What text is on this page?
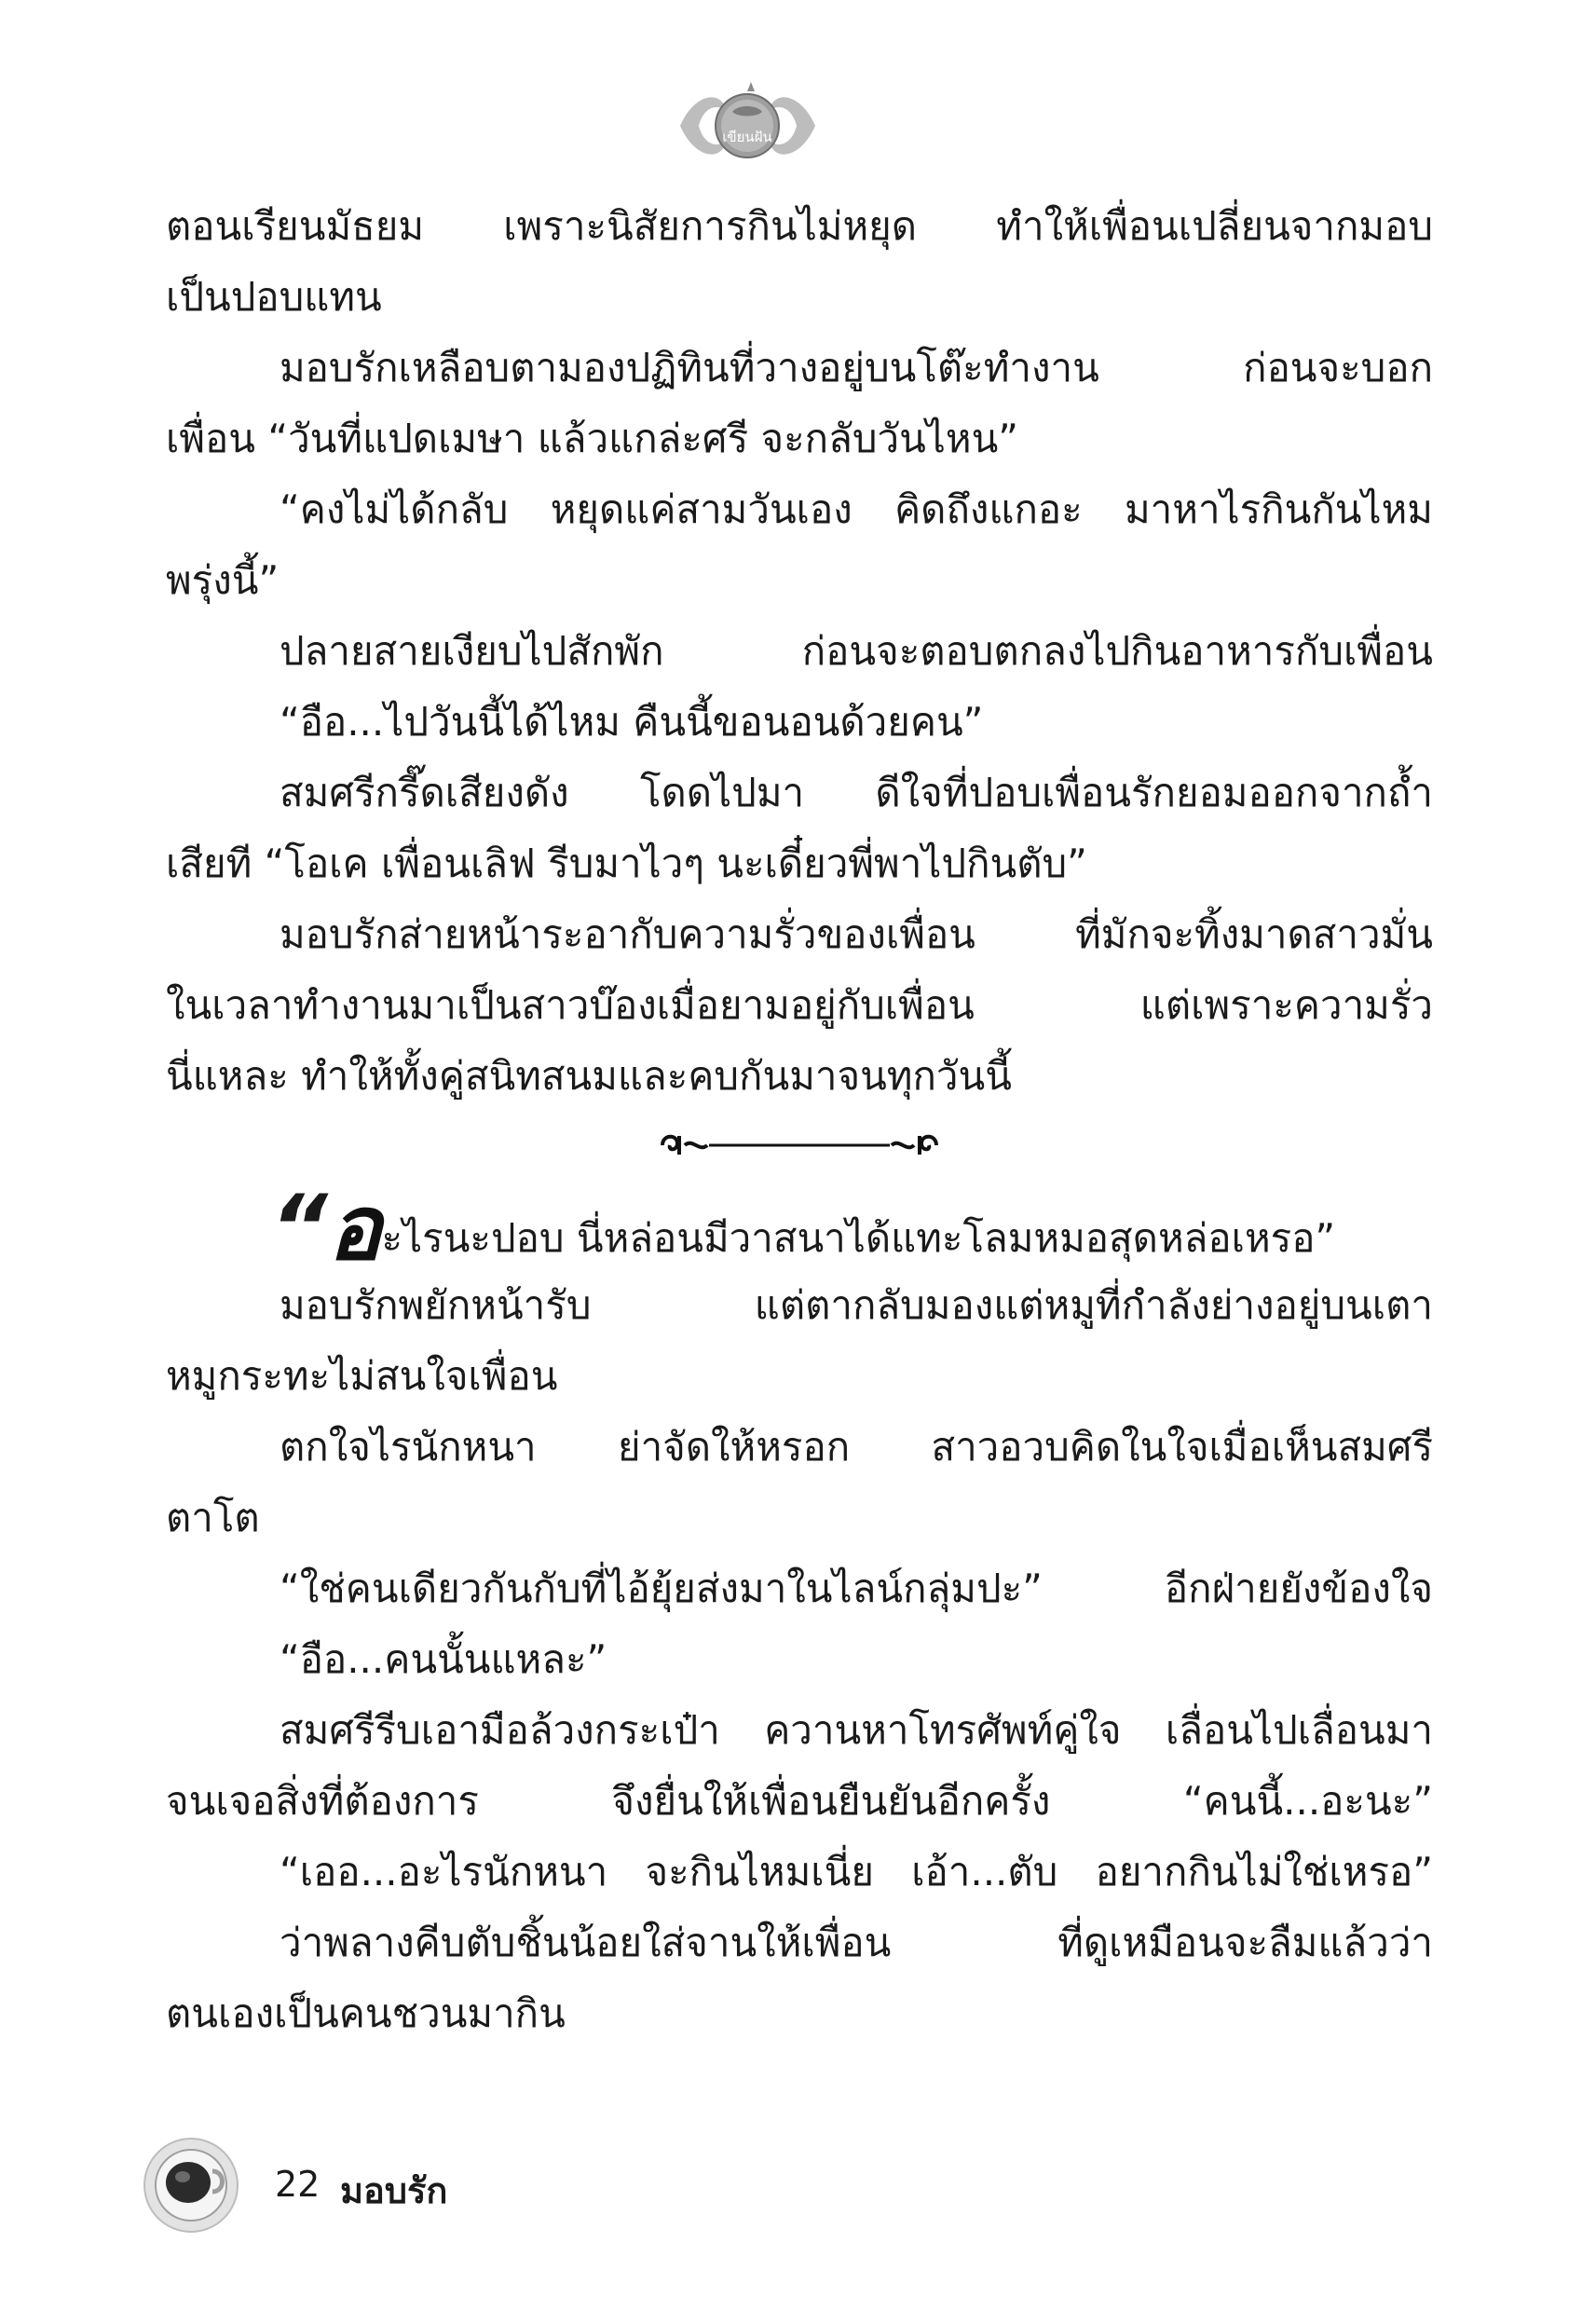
เขียนฝัน
ตอนเรียนมัธยม เพราะนิสัยการกินไม่หยุด ทำให้เพื่อนเปลี่ยนจากมอบ
เป็นปอบแทน
มอบรักเหลือบตามองปฏิทินที่วางอยู่บนโต๊ะทำงาน ก่อนจะบอก
เพื่อน “วันที่แปดเมษา แล้วแกล่ะศรี จะกลับวันไหน”
“คงไม่ได้กลับ หยุดแค่สามวันเอง คิดถึงแกอะ มาหาไรกินกันไหม
พรุ่งนี้”
ปลายสายเงียบไปสักพัก ก่อนจะตอบตกลงไปกินอาหารกับเพื่อน
“อือ...ไปวันนี้ได้ไหม คืนนี้ขอนอนด้วยคน”
สมศรีกรี๊ดเสียงดัง โดดไปมา ดีใจที่ปอบเพื่อนรักยอมออกจากถ้ำ
เสียที “โอเค เพื่อนเลิฟ รีบมาไวๆ นะเดี๋ยวพี่พาไปกินตับ”
มอบรักส่ายหน้าระอากับความรั่วของเพื่อน ที่มักจะทิ้งมาดสาวมั่น
ในเวลาทำงานมาเป็นสาวบ๊องเมื่อยามอยู่กับเพื่อน แต่เพราะความรั่ว
นี่แหละ ทำให้ทั้งคู่สนิทสนมและคบกันมาจนทุกวันนี้
“อะไรนะปอบ นี่หล่อนมีวาสนาได้แทะโลมหมอสุดหล่อเหรอ”
มอบรักพยักหน้ารับ แต่ตากลับมองแต่หมูที่กำลังย่างอยู่บนเตา
หมูกระทะไม่สนใจเพื่อน
ตกใจไรนักหนา ย่าจัดให้หรอก สาวอวบคิดในใจเมื่อเห็นสมศรี
ตาโต
“ใช่คนเดียวกันกับที่ไอ้ยุ้ยส่งมาในไลน์กลุ่มปะ” อีกฝ่ายยังข้องใจ
“อือ...คนนั้นแหละ”
สมศรีรีบเอามือล้วงกระเป๋า ควานหาโทรศัพท์คู่ใจ เลื่อนไปเลื่อนมา
จนเจอสิ่งที่ต้องการ จึงยื่นให้เพื่อนยืนยันอีกครั้ง “คนนี้...อะนะ”
“เออ...อะไรนักหนา จะกินไหมเนี่ย เอ้า...ตับ อยากกินไม่ใช่เหรอ”
ว่าพลางคีบตับชิ้นน้อยใส่จานให้เพื่อน ที่ดูเหมือนจะลืมแล้วว่า
ตนเองเป็นคนชวนมากิน
22 มอบรัก
